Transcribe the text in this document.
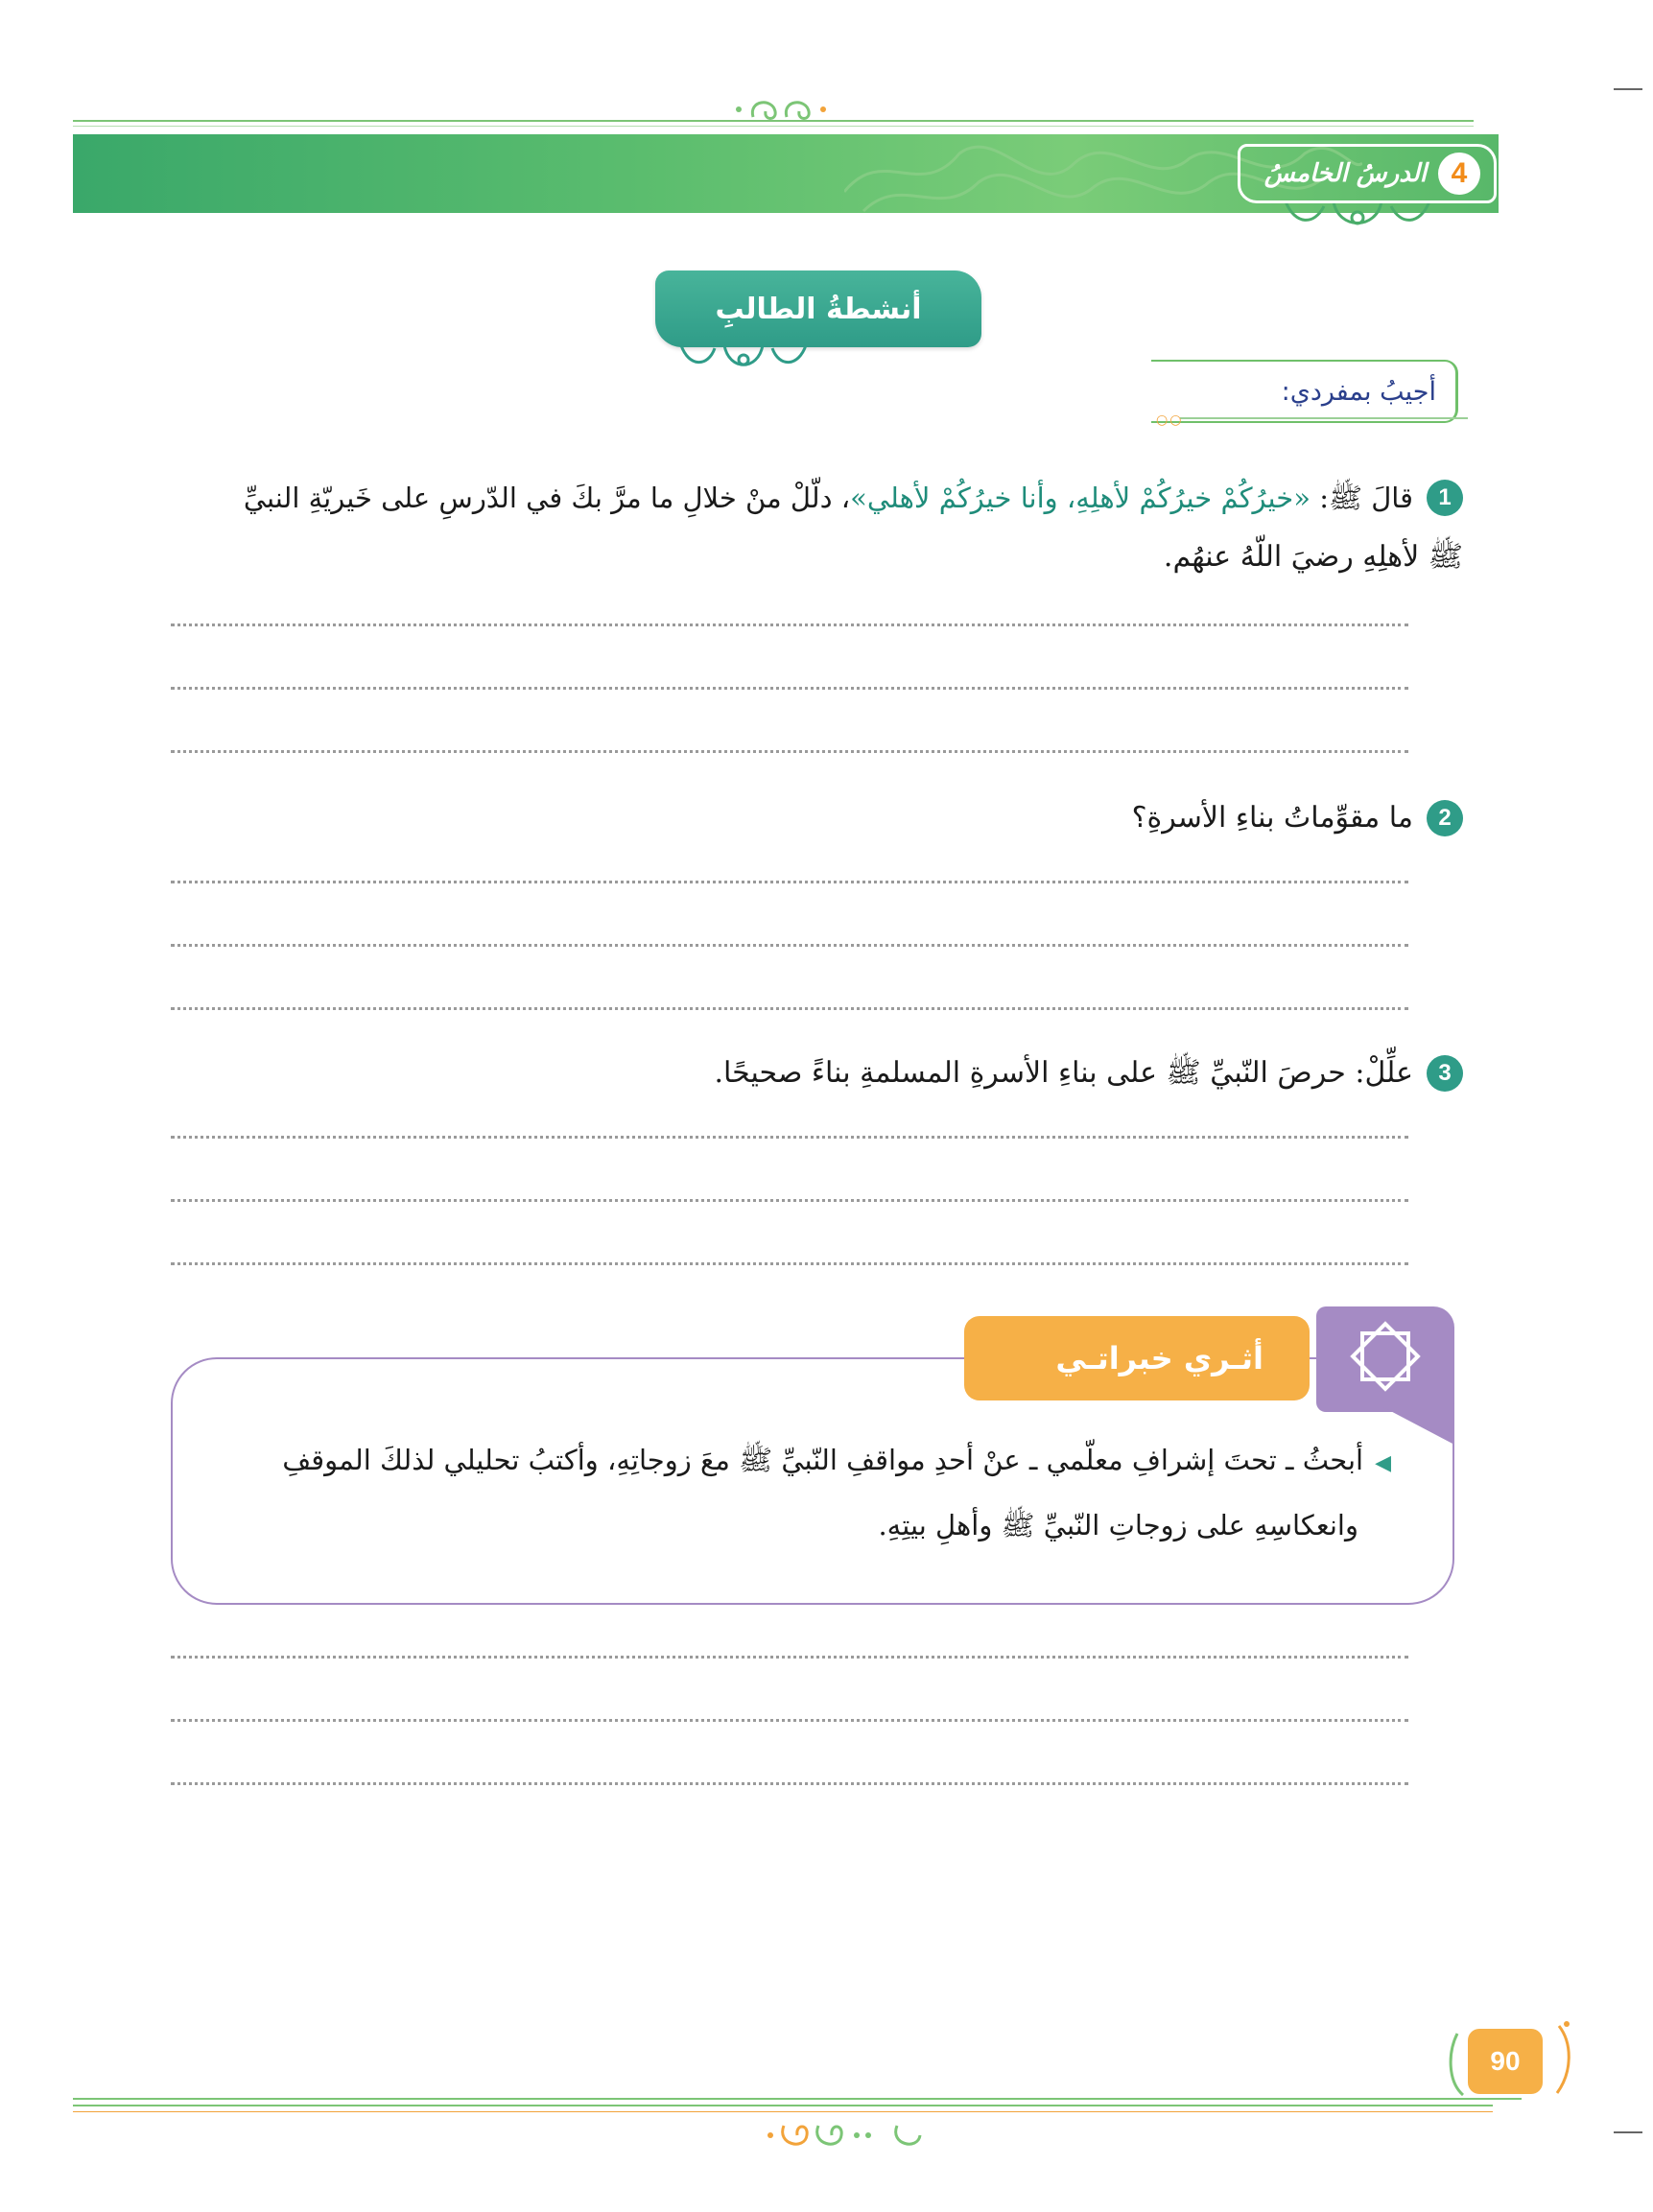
4
الدرسُ الخامسُ
أنشطةُ الطالبِ
أجيبُ بمفردي:
○○
1
قالَ ﷺ: «خيرُكُمْ خيرُكُمْ لأهلِهِ، وأنا خيرُكُمْ لأهلي»، دلّلْ منْ خلالِ ما مرَّ بكَ في الدّرسِ على خَيريّةِ النبيِّ
ﷺ لأهلِهِ رضيَ اللّهُ عنهُم.
2
ما مقوِّماتُ بناءِ الأسرةِ؟
3
علِّلْ: حرصَ النّبيِّ ﷺ على بناءِ الأسرةِ المسلمةِ بناءً صحيحًا.
أثـري خبراتـي
◀أبحثُ ـ تحتَ إشرافِ معلّمي ـ عنْ أحدِ مواقفِ النّبيِّ ﷺ معَ زوجاتِهِ، وأكتبُ تحليلي لذلكَ الموقفِ
وانعكاسِهِ على زوجاتِ النّبيِّ ﷺ وأهلِ بيتِهِ.
90
